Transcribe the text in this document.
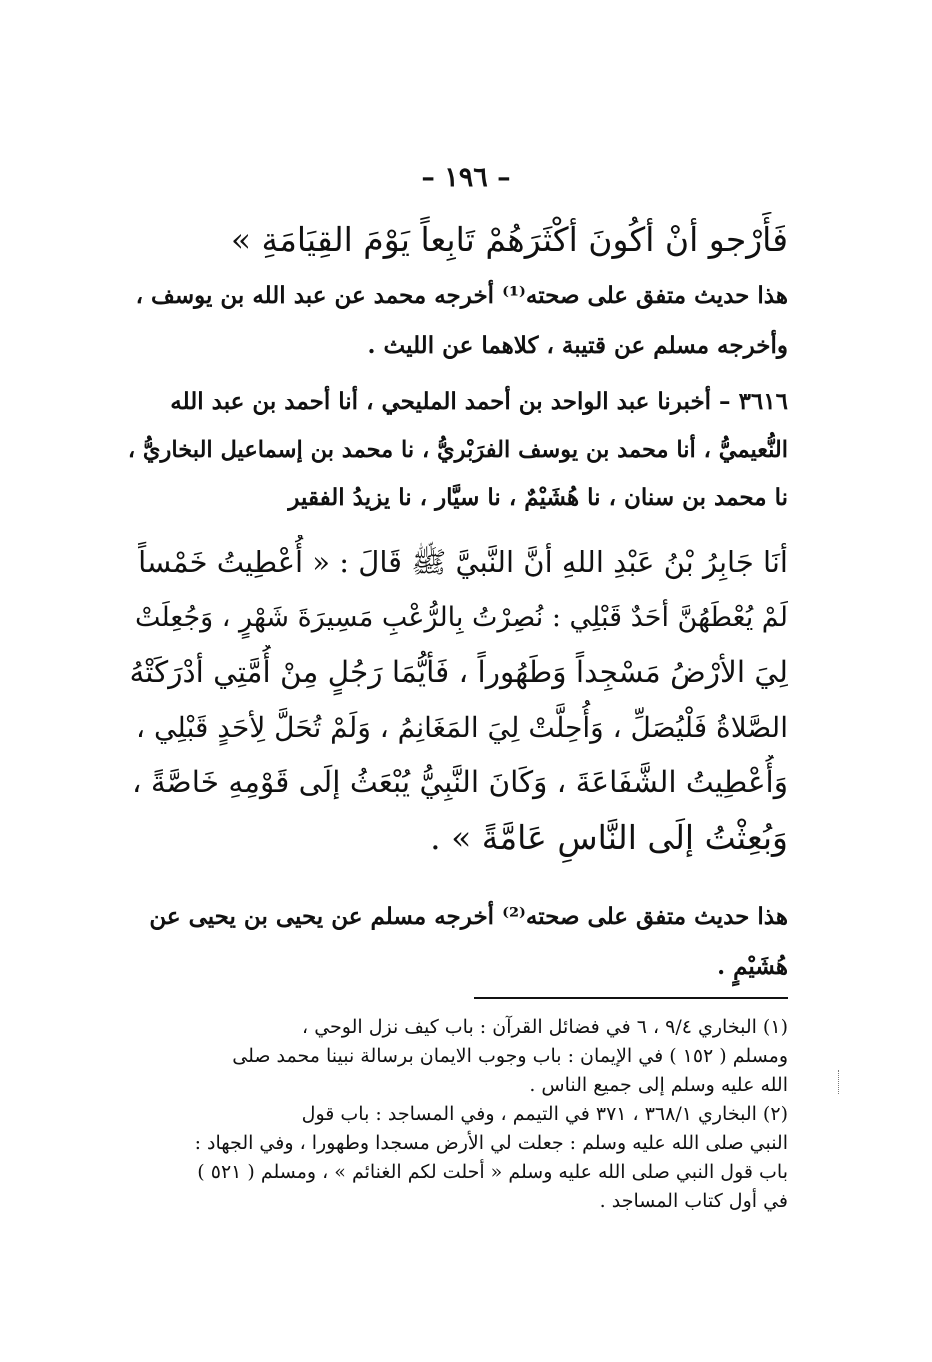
– ١٩٦ –
فَأَرْجو أنْ أكُونَ أكْثَرَهُمْ تَابِعاً يَوْمَ القِيَامَةِ »
هذا حديث متفق على صحته⁽¹⁾ أخرجه محمد عن عبد الله بن يوسف ،
وأخرجه مسلم عن قتيبة ، كلاهما عن الليث .
٣٦١٦ – أخبرنا عبد الواحد بن أحمد المليحي ، أنا أحمد بن عبد الله
النُّعيميُّ ، أنا محمد بن يوسف الفرَبْريُّ ، نا محمد بن إسماعيل البخاريُّ ،
نا محمد بن سنان ، نا هُشَيْمٌ ، نا سيَّار ، نا يزيدُ الفقير
أنَا جَابِرُ بْنُ عَبْدِ اللهِ أنَّ النَّبيَّ ﷺ قَالَ : « أُعْطِيتُ خَمْساً
لَمْ يُعْطَهُنَّ أحَدٌ قَبْلِي : نُصِرْتُ بِالرُّعْبِ مَسِيرَةَ شَهْرٍ ، وَجُعِلَتْ
لِيَ الأرْضُ مَسْجِداً وَطَهُوراً ، فَأيُّمَا رَجُلٍ مِنْ أُمَّتِي أدْرَكَتْهُ
الصَّلاةُ فَلْيُصَلِّ ، وَأُحِلَّتْ لِيَ المَغَانِمُ ، وَلَمْ تُحَلَّ لِأحَدٍ قَبْلِي ،
وَأُعْطِيتُ الشَّفَاعَةَ ، وَكَانَ النَّبِيُّ يُبْعَثُ إلَى قَوْمِهِ خَاصَّةً ،
وَبُعِثْتُ إلَى النَّاسِ عَامَّةً » .
هذا حديث متفق على صحته⁽²⁾ أخرجه مسلم عن يحيى بن يحيى عن
هُشَيْمٍ .
(١) البخاري ٩/٤ ، ٦ في فضائل القرآن : باب كيف نزل الوحي ،
ومسلم ( ١٥٢ ) في الإيمان : باب وجوب الايمان برسالة نبينا محمد صلى
الله عليه وسلم إلى جميع الناس .
(٢) البخاري ٣٦٨/١ ، ٣٧١ في التيمم ، وفي المساجد : باب قول
النبي صلى الله عليه وسلم : جعلت لي الأرض مسجدا وطهورا ، وفي الجهاد :
باب قول النبي صلى الله عليه وسلم « أحلت لكم الغنائم » ، ومسلم ( ٥٢١ )
في أول كتاب المساجد .
